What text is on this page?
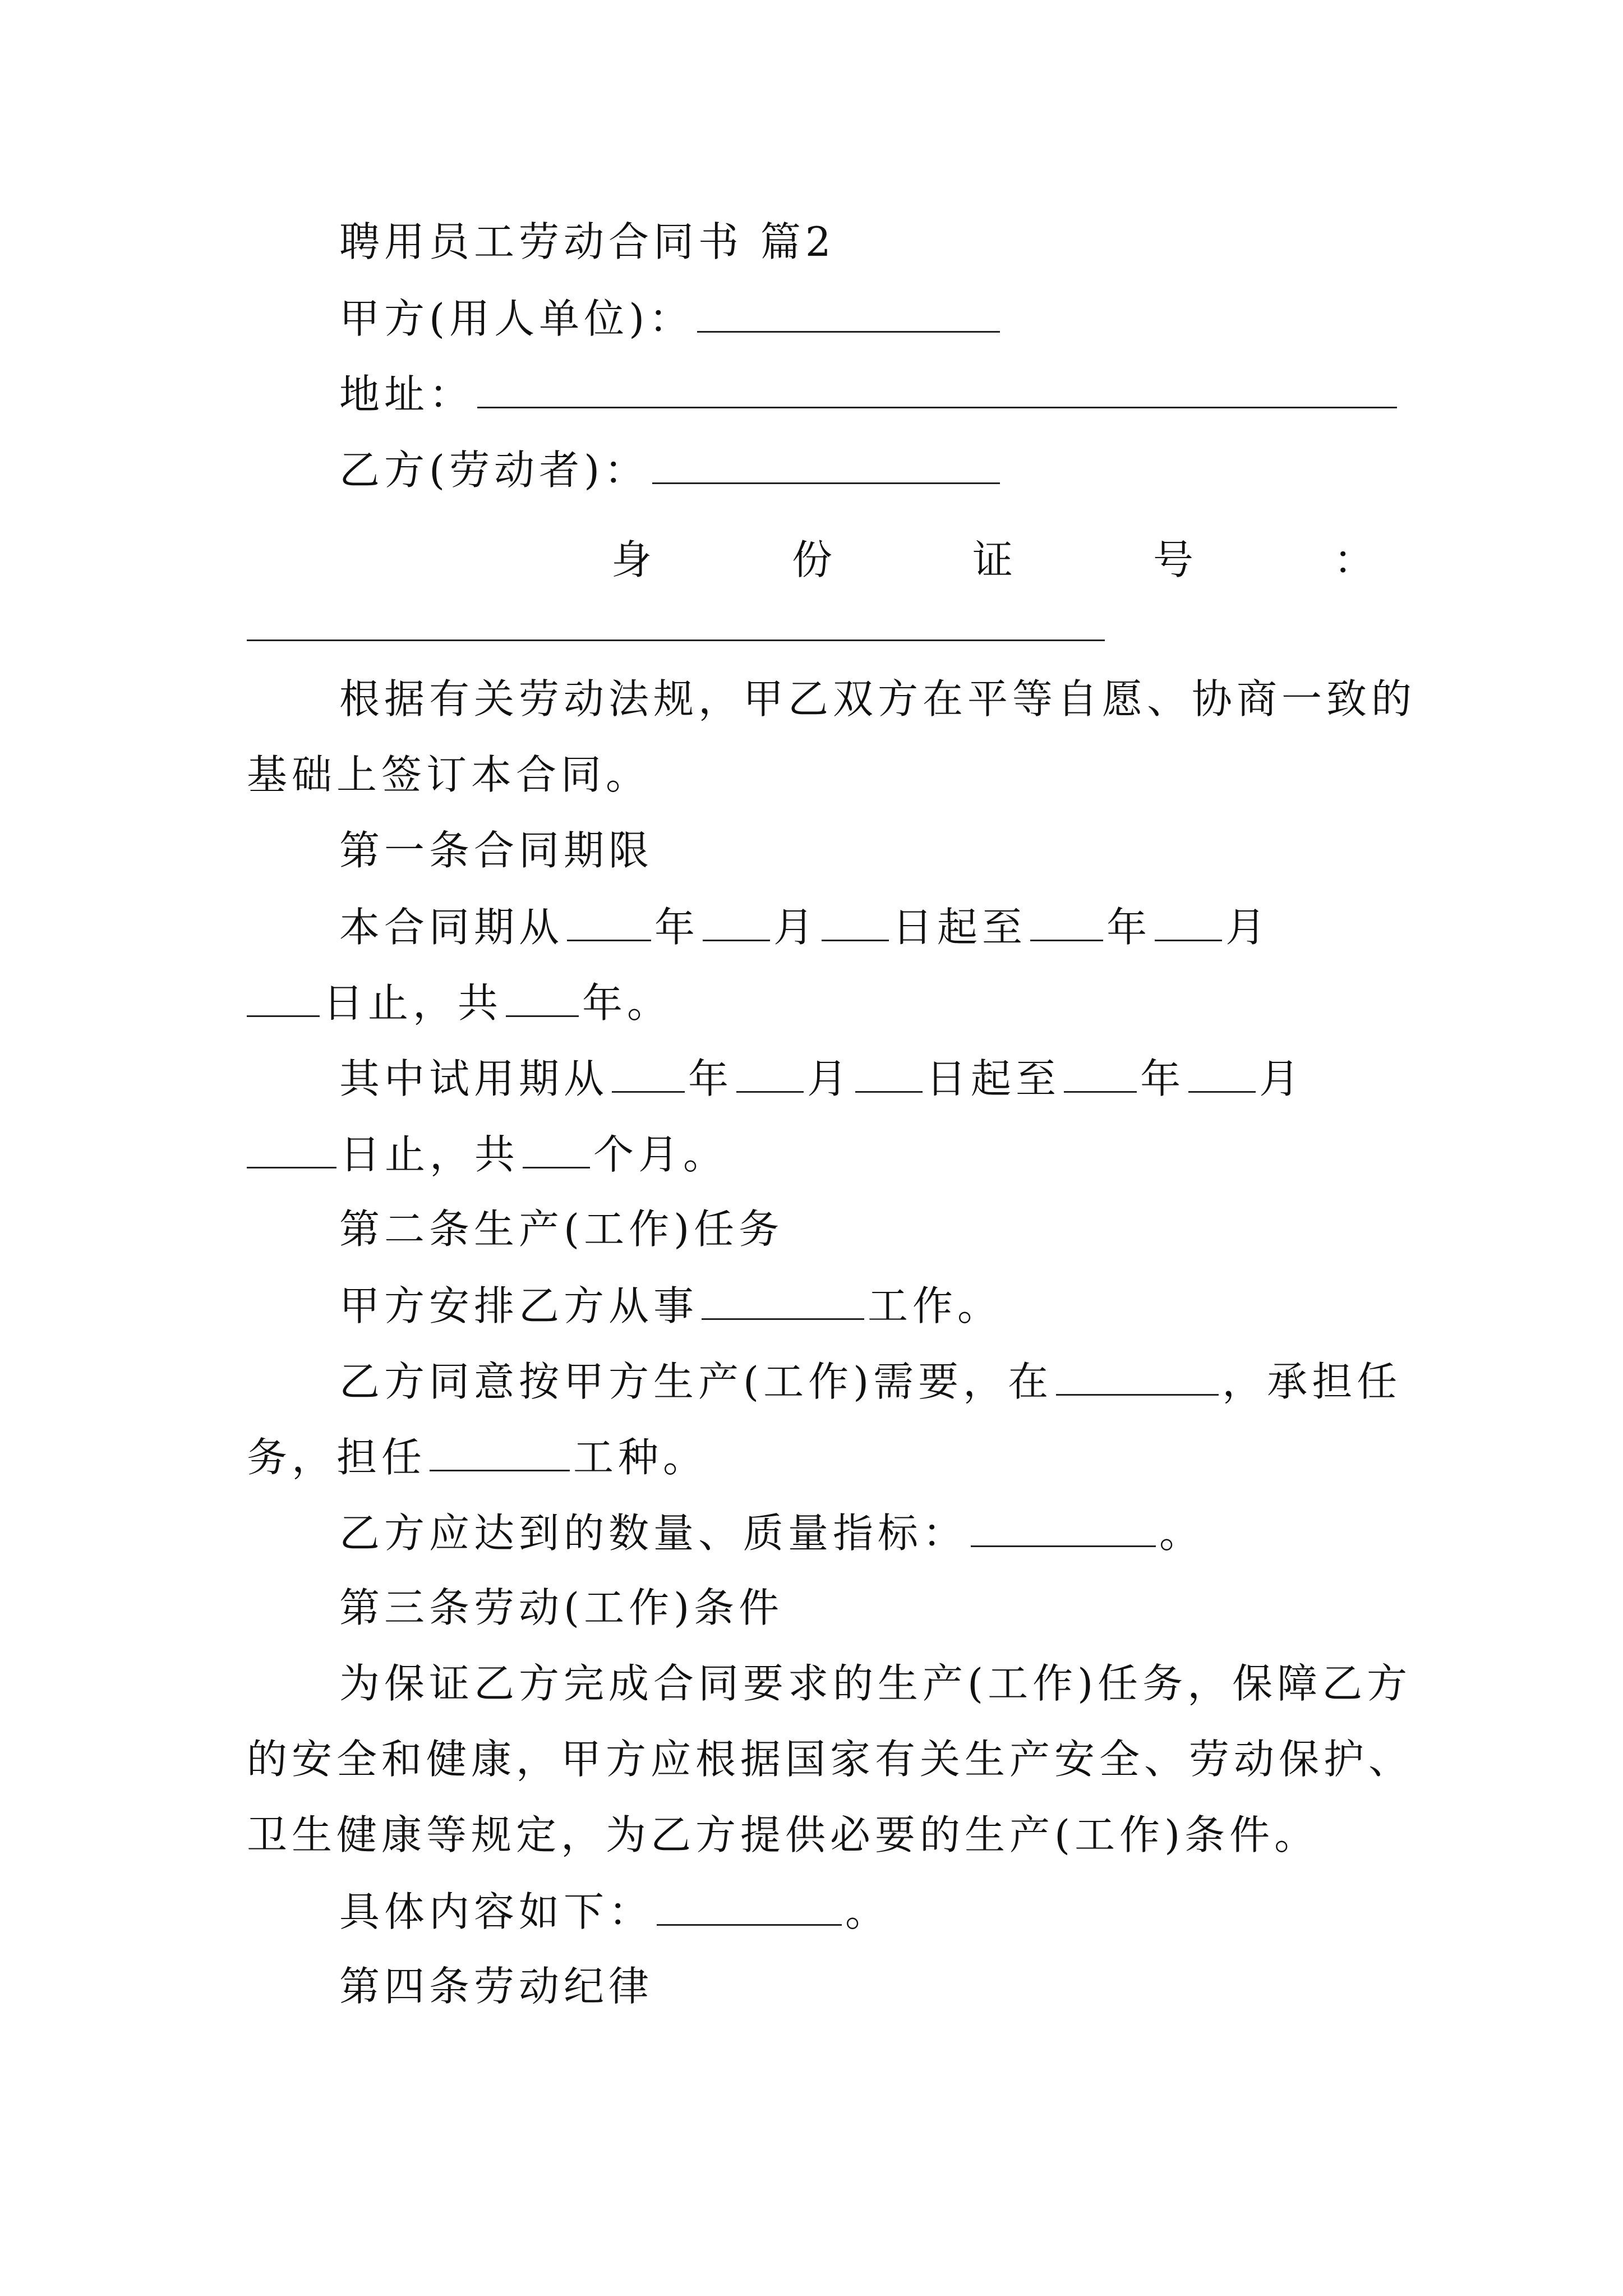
聘用员工劳动合同书 篇2
甲方(用人单位)：
地址：
乙方(劳动者)：
身	份	证	号	：
根据有关劳动法规，甲乙双方在平等自愿、协商一致的
基础上签订本合同。
第一条合同期限
本合同期从 年 月 日起至 年 月
日止，共 年。
其中试用期从 年 月 日起至 年 月
日止，共 个月。
第二条生产(工作)任务
甲方安排乙方从事	工作。
乙方同意按甲方生产(工作)需要，在	，承担任
务，担任	工种。
乙方应达到的数量、质量指标：	。
第三条劳动(工作)条件
为保证乙方完成合同要求的生产(工作)任务，保障乙方
的安全和健康，甲方应根据国家有关生产安全、劳动保护、
卫生健康等规定，为乙方提供必要的生产(工作)条件。
具体内容如下：	。
第四条劳动纪律
